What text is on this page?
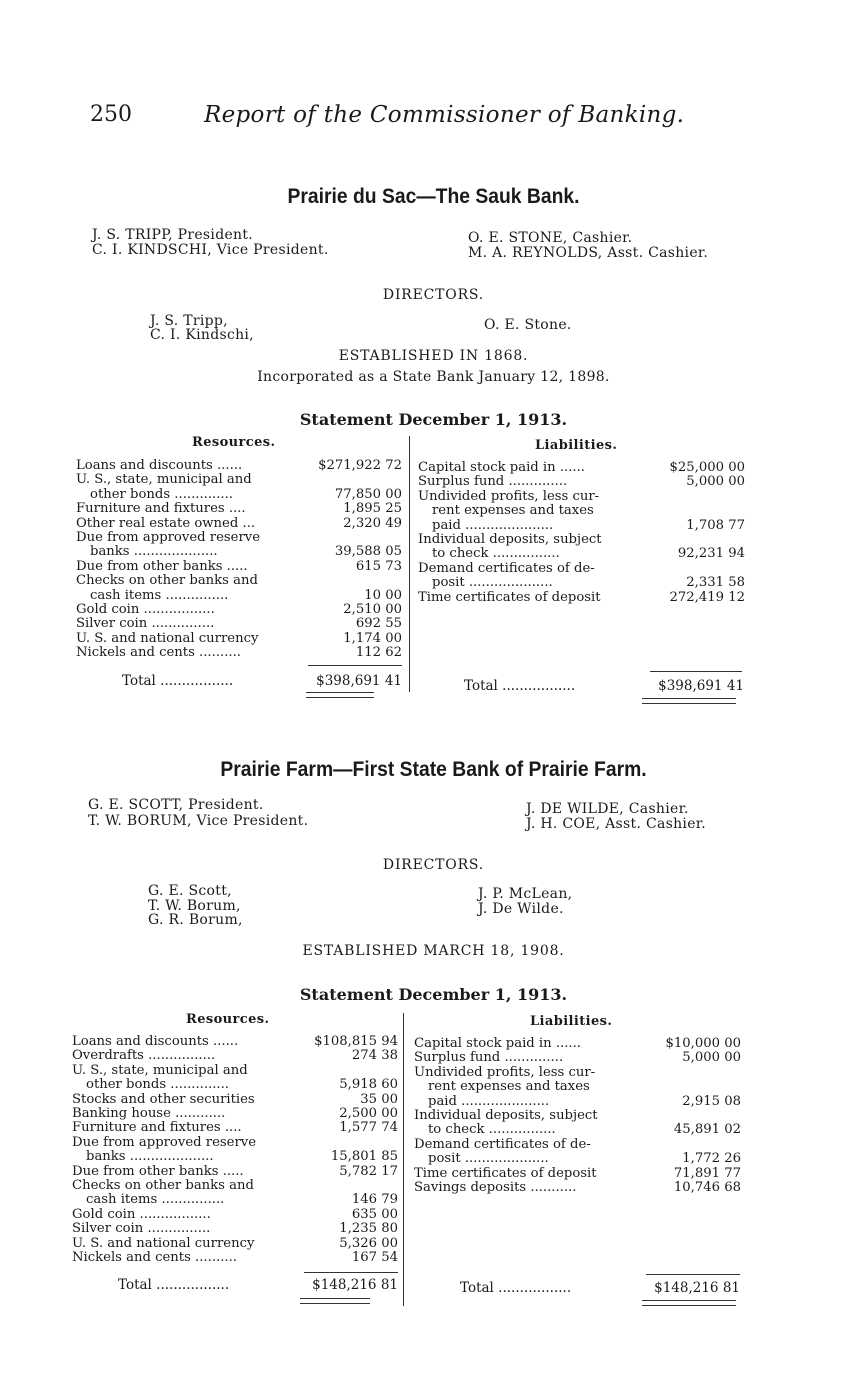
250	Report of the Commissioner of Banking.
Prairie du Sac—The Sauk Bank.
J. S. TRIPP, President.
C. I. KINDSCHI, Vice President.
O. E. STONE, Cashier.
M. A. REYNOLDS, Asst. Cashier.
DIRECTORS.
J. S. Tripp,
C. I. Kindschi,
O. E. Stone.
ESTABLISHED IN 1868.
Incorporated as a State Bank January 12, 1898.
Statement December 1, 1913.
Resources.	Liabilities.
Loans and discounts ......	$271,922 72
U. S., state, municipal and
other bonds ..............	77,850 00
Furniture and fixtures ....	1,895 25
Other real estate owned ...	2,320 49
Due from approved reserve
banks ....................	39,588 05
Due from other banks .....	615 73
Checks on other banks and
cash items ...............	10 00
Gold coin .................	2,510 00
Silver coin ...............	692 55
U. S. and national currency	1,174 00
Nickels and cents ..........	112 62
Capital stock paid in ......	$25,000 00
Surplus fund ..............	5,000 00
Undivided profits, less cur-
rent expenses and taxes
paid .....................	1,708 77
Individual deposits, subject
to check ................	92,231 94
Demand certificates of de-
posit ....................	2,331 58
Time certificates of deposit	272,419 12
Total .................	$398,691 41	Total .................	$398,691 41
Prairie Farm—First State Bank of Prairie Farm.
G. E. SCOTT, President.
T. W. BORUM, Vice President.
J. DE WILDE, Cashier.
J. H. COE, Asst. Cashier.
DIRECTORS.
G. E. Scott,
T. W. Borum,
G. R. Borum,
J. P. McLean,
J. De Wilde.
ESTABLISHED MARCH 18, 1908.
Statement December 1, 1913.
Resources.	Liabilities.
Loans and discounts ......	$108,815 94
Overdrafts ................	274 38
U. S., state, municipal and
other bonds ..............	5,918 60
Stocks and other securities	35 00
Banking house ............	2,500 00
Furniture and fixtures ....	1,577 74
Due from approved reserve
banks ....................	15,801 85
Due from other banks .....	5,782 17
Checks on other banks and
cash items ...............	146 79
Gold coin .................	635 00
Silver coin ...............	1,235 80
U. S. and national currency	5,326 00
Nickels and cents ..........	167 54
Capital stock paid in ......	$10,000 00
Surplus fund ..............	5,000 00
Undivided profits, less cur-
rent expenses and taxes
paid .....................	2,915 08
Individual deposits, subject
to check ................	45,891 02
Demand certificates of de-
posit ....................	1,772 26
Time certificates of deposit	71,891 77
Savings deposits ...........	10,746 68
Total .................	$148,216 81	Total .................	$148,216 81
